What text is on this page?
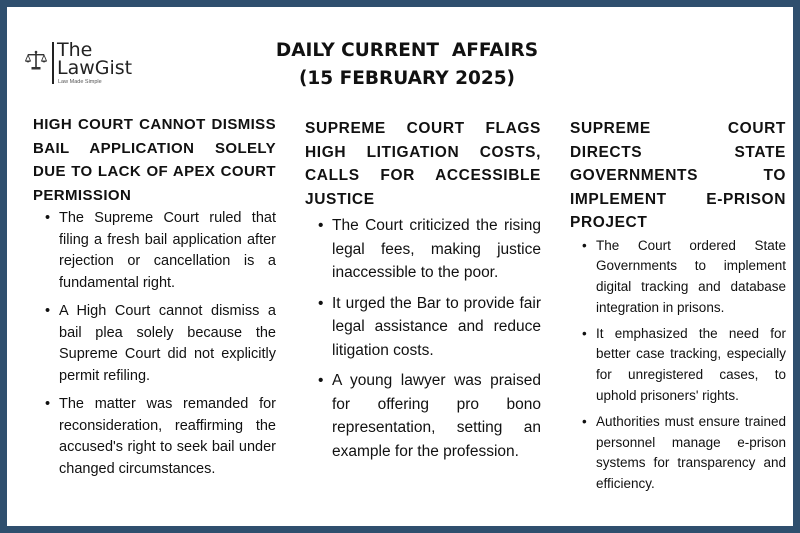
The
LawGist
Law Made Simple
DAILY CURRENT  AFFAIRS
(15 FEBRUARY 2025)
HIGH COURT CANNOT DISMISS BAIL APPLICATION SOLELY DUE TO LACK OF APEX COURT PERMISSION
• The Supreme Court ruled that filing a fresh bail application after rejection or cancellation is a fundamental right.
• A High Court cannot dismiss a bail plea solely because the Supreme Court did not explicitly permit refiling.
• The matter was remanded for reconsideration, reaffirming the accused's right to seek bail under changed circumstances.
SUPREME COURT FLAGS HIGH LITIGATION COSTS, CALLS FOR ACCESSIBLE JUSTICE
• The Court criticized the rising legal fees, making justice inaccessible to the poor.
• It urged the Bar to provide fair legal assistance and reduce litigation costs.
• A young lawyer was praised for offering pro bono representation, setting an example for the profession.
SUPREME COURT DIRECTS STATE GOVERNMENTS TO IMPLEMENT E-PRISON PROJECT
• The Court ordered State Governments to implement digital tracking and database integration in prisons.
• It emphasized the need for better case tracking, especially for unregistered cases, to uphold prisoners' rights.
• Authorities must ensure trained personnel manage e-prison systems for transparency and efficiency.
